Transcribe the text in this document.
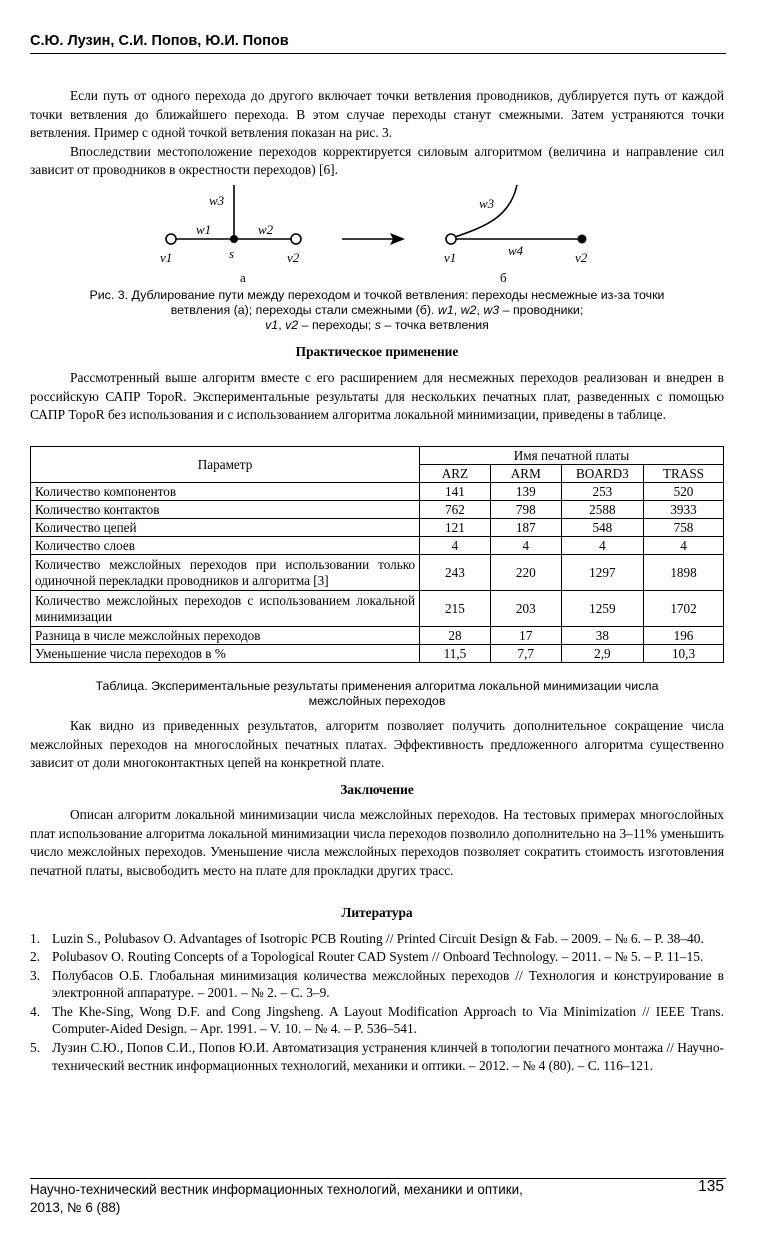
С.Ю. Лузин, С.И. Попов, Ю.И. Попов

Если путь от одного перехода до другого включает точки ветвления проводников, дублируется путь от каждой точки ветвления до ближайшего перехода. В этом случае переходы станут смежными. Затем устраняются точки ветвления. Пример с одной точкой ветвления показан на рис. 3.

Впоследствии местоположение переходов корректируется силовым алгоритмом (величина и направление сил зависит от проводников в окрестности переходов) [6].

w3
w1	w2
s
v1	v2
а
w3
w4
v1	v2
б
Рис. 3. Дублирование пути между переходом и точкой ветвления: переходы несмежные из-за точки
ветвления (а); переходы стали смежными (б). w1, w2, w3 – проводники;
v1, v2 – переходы; s – точка ветвления
Практическое применение

Рассмотренный выше алгоритм вместе с его расширением для несмежных переходов реализован и внедрен в российскую САПР TopoR. Экспериментальные результаты для нескольких печатных плат, разведенных с помощью САПР TopoR без использования и с использованием алгоритма локальной минимизации, приведены в таблице.

Параметр	Имя печатной платы			
	ARZ	ARM	BOARD3	TRASS
Количество компонентов	141	139	253	520
Количество контактов	762	798	2588	3933
Количество цепей	121	187	548	758
Количество слоев	4	4	4	4
Количество межслойных переходов при использовании только одиночной перекладки проводников и алгоритма [3]	243	220	1297	1898
Количество межслойных переходов с использованием локальной минимизации	215	203	1259	1702
Разница в числе межслойных переходов	28	17	38	196
Уменьшение числа переходов в %	11,5	7,7	2,9	10,3
Таблица. Экспериментальные результаты применения алгоритма локальной минимизации числа
межслойных переходов

Как видно из приведенных результатов, алгоритм позволяет получить дополнительное сокращение числа межслойных переходов на многослойных печатных платах. Эффективность предложенного алгоритма существенно зависит от доли многоконтактных цепей на конкретной плате.

Заключение

Описан алгоритм локальной минимизации числа межслойных переходов. На тестовых примерах многослойных плат использование алгоритма локальной минимизации числа переходов позволило дополнительно на 3–11% уменьшить число межслойных переходов. Уменьшение числа межслойных переходов позволяет сократить стоимость изготовления печатной платы, высвободить место на плате для прокладки других трасс.

Литература
1. Luzin S., Polubasov O. Advantages of Isotropic PCB Routing // Printed Circuit Design & Fab. – 2009. – № 6. – P. 38–40.
2. Polubasov O. Routing Concepts of a Topological Router CAD System // Onboard Technology. – 2011. – № 5. – P. 11–15.
3. Полубасов О.Б. Глобальная минимизация количества межслойных переходов // Технология и конструирование в электронной аппаратуре. – 2001. – № 2. – С. 3–9.
4. The Khe-Sing, Wong D.F. and Cong Jingsheng. A Layout Modification Approach to Via Minimization // IEEE Trans. Computer-Aided Design. – Apr. 1991. – V. 10. – № 4. – P. 536–541.
5. Лузин С.Ю., Попов С.И., Попов Ю.И. Автоматизация устранения клинчей в топологии печатного монтажа // Научно-технический вестник информационных технологий, механики и оптики. – 2012. – № 4 (80). – С. 116–121.
Научно-технический вестник информационных технологий, механики и оптики,
2013, № 6 (88)
135
